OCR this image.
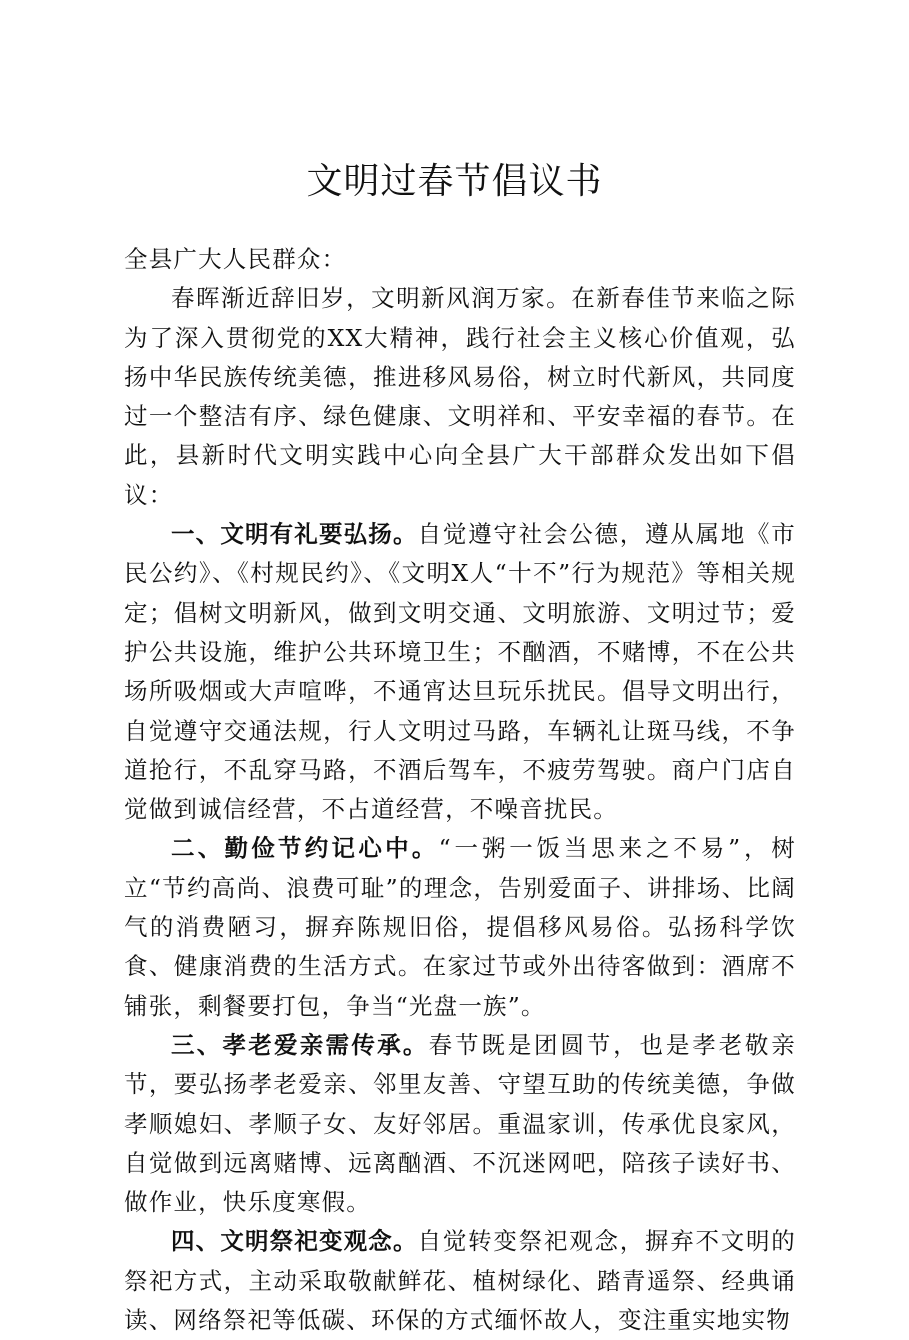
文明过春节倡议书

全县广大人民群众：

春晖渐近辞旧岁，文明新风润万家。在新春佳节来临之际为了深入贯彻党的XX大精神，践行社会主义核心价值观，弘扬中华民族传统美德，推进移风易俗，树立时代新风，共同度过一个整洁有序、绿色健康、文明祥和、平安幸福的春节。在此，县新时代文明实践中心向全县广大干部群众发出如下倡议：

一、文明有礼要弘扬。自觉遵守社会公德，遵从属地《市民公约》、《村规民约》、《文明X人“十不”行为规范》等相关规定；倡树文明新风，做到文明交通、文明旅游、文明过节；爱护公共设施，维护公共环境卫生；不酗酒，不赌博，不在公共场所吸烟或大声喧哗，不通宵达旦玩乐扰民。倡导文明出行，自觉遵守交通法规，行人文明过马路，车辆礼让斑马线，不争道抢行，不乱穿马路，不酒后驾车，不疲劳驾驶。商户门店自觉做到诚信经营，不占道经营，不噪音扰民。

二、勤俭节约记心中。“一粥一饭当思来之不易”，树立“节约高尚、浪费可耻”的理念，告别爱面子、讲排场、比阔气的消费陋习，摒弃陈规旧俗，提倡移风易俗。弘扬科学饮食、健康消费的生活方式。在家过节或外出待客做到：酒席不铺张，剩餐要打包，争当“光盘一族”。

三、孝老爱亲需传承。春节既是团圆节，也是孝老敬亲节，要弘扬孝老爱亲、邻里友善、守望互助的传统美德，争做孝顺媳妇、孝顺子女、友好邻居。重温家训，传承优良家风，自觉做到远离赌博、远离酗酒、不沉迷网吧，陪孩子读好书、做作业，快乐度寒假。

四、文明祭祀变观念。自觉转变祭祀观念，摒弃不文明的祭祀方式，主动采取敬献鲜花、植树绿化、踏青遥祭、经典诵读、网络祭祀等低碳、环保的方式缅怀故人，变注重实地实物
